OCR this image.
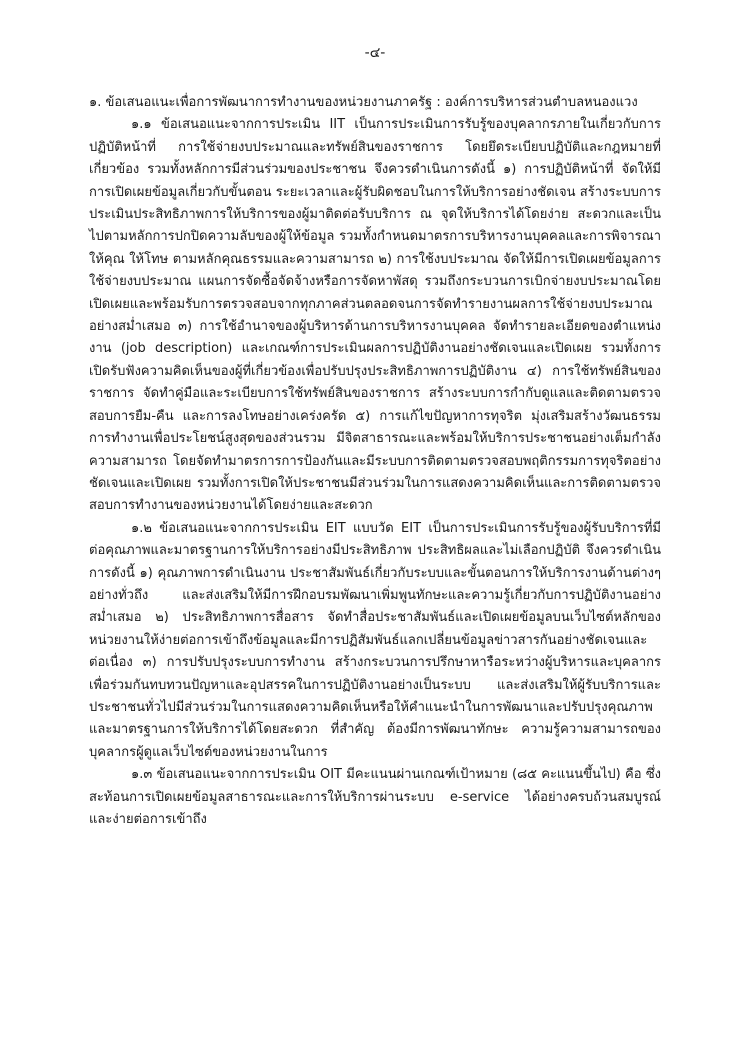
-๔-

๑. ข้อเสนอแนะเพื่อการพัฒนาการทำงานของหน่วยงานภาครัฐ : องค์การบริหารส่วนตำบลหนองแวง

๑.๑ ข้อเสนอแนะจากการประเมิน IIT เป็นการประเมินการรับรู้ของบุคลากรภายในเกี่ยวกับการปฏิบัติหน้าที่ การใช้จ่ายงบประมาณและทรัพย์สินของราชการ โดยยึดระเบียบปฏิบัติและกฎหมายที่เกี่ยวข้อง รวมทั้งหลักการมีส่วนร่วมของประชาชน จึงควรดำเนินการดังนี้ ๑) การปฏิบัติหน้าที่ จัดให้มีการเปิดเผยข้อมูลเกี่ยวกับขั้นตอน ระยะเวลาและผู้รับผิดชอบในการให้บริการอย่างชัดเจน สร้างระบบการประเมินประสิทธิภาพการให้บริการของผู้มาติดต่อรับบริการ ณ จุดให้บริการได้โดยง่าย สะดวกและเป็นไปตามหลักการปกปิดความลับของผู้ให้ข้อมูล รวมทั้งกำหนดมาตรการบริหารงานบุคคลและการพิจารณาให้คุณ ให้โทษ ตามหลักคุณธรรมและความสามารถ ๒) การใช้งบประมาณ จัดให้มีการเปิดเผยข้อมูลการใช้จ่ายงบประมาณ แผนการจัดซื้อจัดจ้างหรือการจัดหาพัสดุ รวมถึงกระบวนการเบิกจ่ายงบประมาณโดยเปิดเผยและพร้อมรับการตรวจสอบจากทุกภาคส่วนตลอดจนการจัดทำรายงานผลการใช้จ่ายงบประมาณอย่างสม่ำเสมอ ๓) การใช้อำนาจของผู้บริหารด้านการบริหารงานบุคคล จัดทำรายละเอียดของตำแหน่งงาน (job description) และเกณฑ์การประเมินผลการปฏิบัติงานอย่างชัดเจนและเปิดเผย รวมทั้งการเปิดรับฟังความคิดเห็นของผู้ที่เกี่ยวข้องเพื่อปรับปรุงประสิทธิภาพการปฏิบัติงาน ๔) การใช้ทรัพย์สินของราชการ จัดทำคู่มือและระเบียบการใช้ทรัพย์สินของราชการ สร้างระบบการกำกับดูแลและติดตามตรวจสอบการยืม-คืน และการลงโทษอย่างเคร่งครัด ๕) การแก้ไขปัญหาการทุจริต มุ่งเสริมสร้างวัฒนธรรมการทำงานเพื่อประโยชน์สูงสุดของส่วนรวม มีจิตสาธารณะและพร้อมให้บริการประชาชนอย่างเต็มกำลังความสามารถ โดยจัดทำมาตรการการป้องกันและมีระบบการติดตามตรวจสอบพฤติกรรมการทุจริตอย่างชัดเจนและเปิดเผย รวมทั้งการเปิดให้ประชาชนมีส่วนร่วมในการแสดงความคิดเห็นและการติดตามตรวจสอบการทำงานของหน่วยงานได้โดยง่ายและสะดวก

๑.๒ ข้อเสนอแนะจากการประเมิน EIT แบบวัด EIT เป็นการประเมินการรับรู้ของผู้รับบริการที่มีต่อคุณภาพและมาตรฐานการให้บริการอย่างมีประสิทธิภาพ ประสิทธิผลและไม่เลือกปฏิบัติ จึงควรดำเนินการดังนี้ ๑) คุณภาพการดำเนินงาน ประชาสัมพันธ์เกี่ยวกับระบบและขั้นตอนการให้บริการงานด้านต่างๆ อย่างทั่วถึง และส่งเสริมให้มีการฝึกอบรมพัฒนาเพิ่มพูนทักษะและความรู้เกี่ยวกับการปฏิบัติงานอย่างสม่ำเสมอ ๒) ประสิทธิภาพการสื่อสาร จัดทำสื่อประชาสัมพันธ์และเปิดเผยข้อมูลบนเว็บไซต์หลักของหน่วยงานให้ง่ายต่อการเข้าถึงข้อมูลและมีการปฏิสัมพันธ์แลกเปลี่ยนข้อมูลข่าวสารกันอย่างชัดเจนและต่อเนื่อง ๓) การปรับปรุงระบบการทำงาน สร้างกระบวนการปรึกษาหารือระหว่างผู้บริหารและบุคลากรเพื่อร่วมกันทบทวนปัญหาและอุปสรรคในการปฏิบัติงานอย่างเป็นระบบ และส่งเสริมให้ผู้รับบริการและประชาชนทั่วไปมีส่วนร่วมในการแสดงความคิดเห็นหรือให้คำแนะนำในการพัฒนาและปรับปรุงคุณภาพและมาตรฐานการให้บริการได้โดยสะดวก ที่สำคัญ ต้องมีการพัฒนาทักษะ ความรู้ความสามารถของบุคลากรผู้ดูแลเว็บไซต์ของหน่วยงานในการ

๑.๓ ข้อเสนอแนะจากการประเมิน OIT มีคะแนนผ่านเกณฑ์เป้าหมาย (๘๕ คะแนนขึ้นไป) คือ ซึ่งสะท้อนการเปิดเผยข้อมูลสาธารณะและการให้บริการผ่านระบบ e-service ได้อย่างครบถ้วนสมบูรณ์ และง่ายต่อการเข้าถึง
